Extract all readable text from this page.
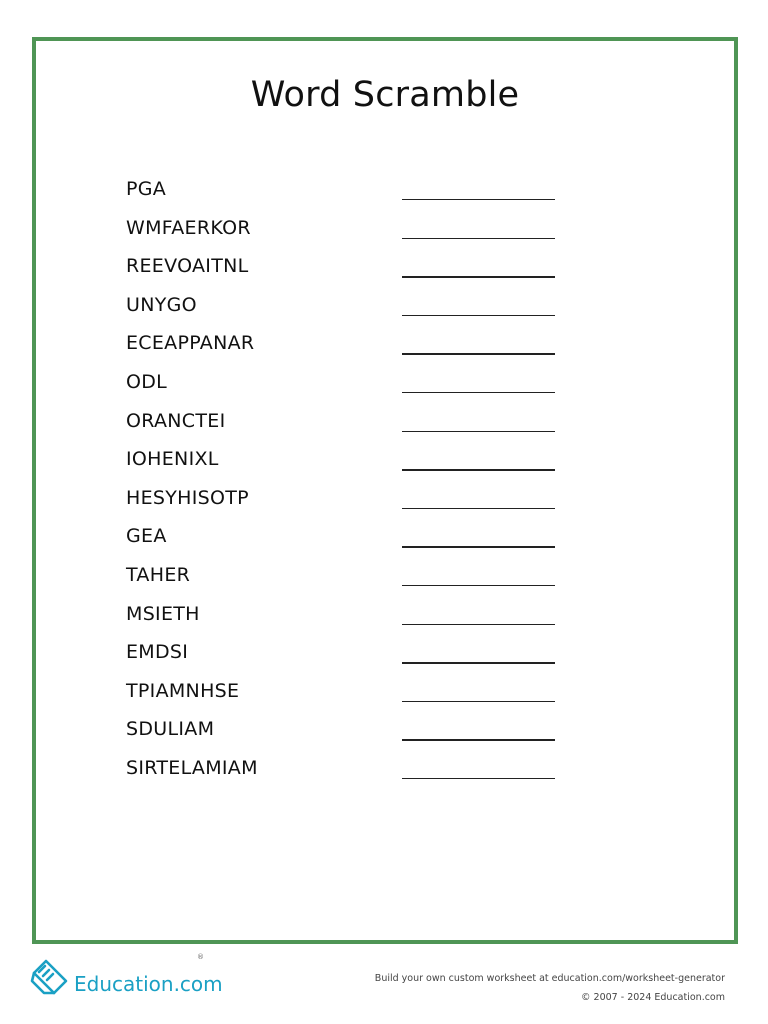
Word Scramble
PGA
WMFAERKOR
REEVOAITNL
UNYGO
ECEAPPANAR
ODL
ORANCTEI
IOHENIXL
HESYHISOTP
GEA
TAHER
MSIETH
EMDSI
TPIAMNHSE
SDULIAM
SIRTELAMIAM
Education.com
®
Build your own custom worksheet at education.com/worksheet-generator
© 2007 - 2024 Education.com
